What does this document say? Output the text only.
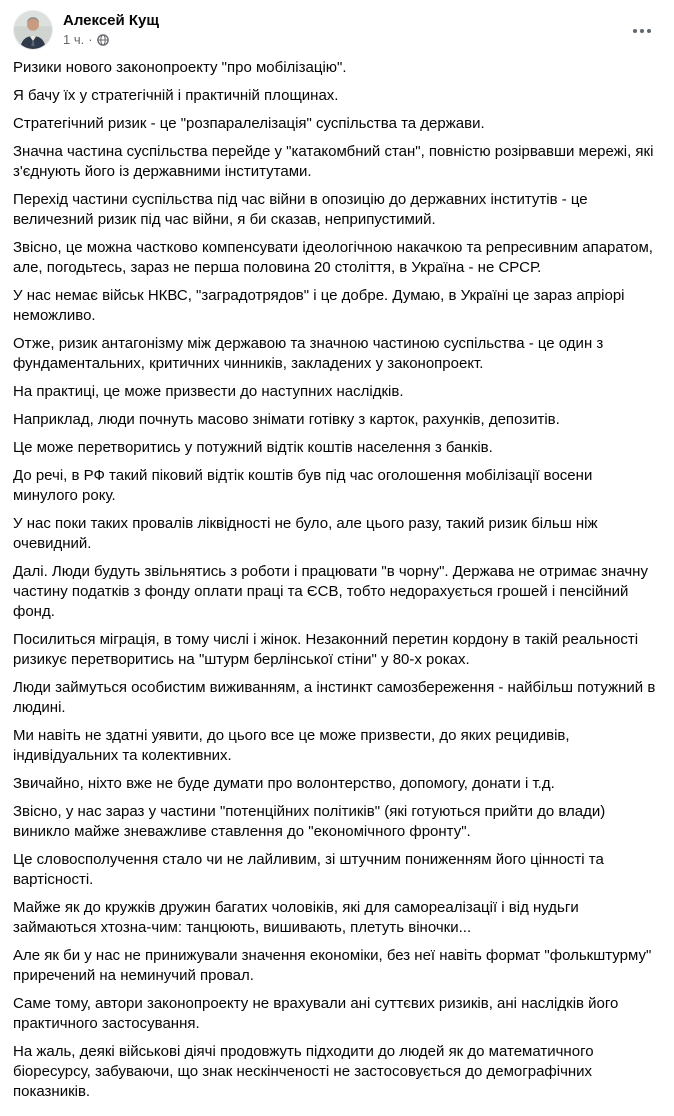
Алексей Кущ
1 ч. ·

Ризики нового законопроекту "про мобілізацію".

Я бачу їх у стратегічній і практичній площинах.

Стратегічний ризик - це "розпаралелізація" суспільства та держави.

Значна частина суспільства перейде у "катакомбний стан", повністю розірвавши мережі, які з'єднують його із державними інститутами.

Перехід частини суспільства під час війни в опозицію до державних інститутів - це величезний ризик під час війни, я би сказав, неприпустимий.

Звісно, це можна частково компенсувати ідеологічною накачкою та репресивним апаратом, але, погодьтесь, зараз не перша половина 20 століття, в Україна - не СРСР.

У нас немає військ НКВС, "заградотрядов" і це добре. Думаю, в Україні це зараз апріорі неможливо.

Отже, ризик антагонізму між державою та значною частиною суспільства - це один з фундаментальних, критичних чинників, закладених у законопроект.

На практиці, це може призвести до наступних наслідків.

Наприклад, люди почнуть масово знімати готівку з карток, рахунків, депозитів.

Це може перетворитись у потужний відтік коштів населення з банків.

До речі, в РФ такий піковий відтік коштів був під час оголошення мобілізації восени минулого року.

У нас поки таких провалів ліквідності не було, але цього разу, такий ризик більш ніж очевидний.

Далі. Люди будуть звільнятись з роботи і працювати "в чорну". Держава не отримає значну частину податків з фонду оплати праці та ЄСВ, тобто недорахується грошей і пенсійний фонд.

Посилиться міграція, в тому числі і жінок. Незаконний перетин кордону в такій реальності ризикує перетворитись на "штурм берлінської стіни" у 80-х роках.

Люди займуться особистим виживанням, а інстинкт самозбереження - найбільш потужний в людині.

Ми навіть не здатні уявити, до цього все це може призвести, до яких рецидивів, індивідуальних та колективних.

Звичайно, ніхто вже не буде думати про волонтерство, допомогу, донати і т.д.

Звісно, у нас зараз у частини "потенційних політиків" (які готуються прийти до влади) виникло майже зневажливе ставлення до "економічного фронту".

Це словосполучення стало чи не лайливим, зі штучним пониженням його цінності та вартісності.

Майже як до кружків дружин багатих чоловіків, які для самореалізації і від нудьги займаються хтозна-чим: танцюють, вишивають, плетуть віночки...

Але як би у нас не принижували значення економіки, без неї навіть формат "фолькштурму" приречений на неминучий провал.

Саме тому, автори законопроекту не врахували ані суттєвих ризиків, ані наслідків його практичного застосування.

На жаль, деякі військові діячі продовжуть підходити до людей як до математичного біоресурсу, забуваючи, що знак нескінченості не застосовується до демографічних показників.
